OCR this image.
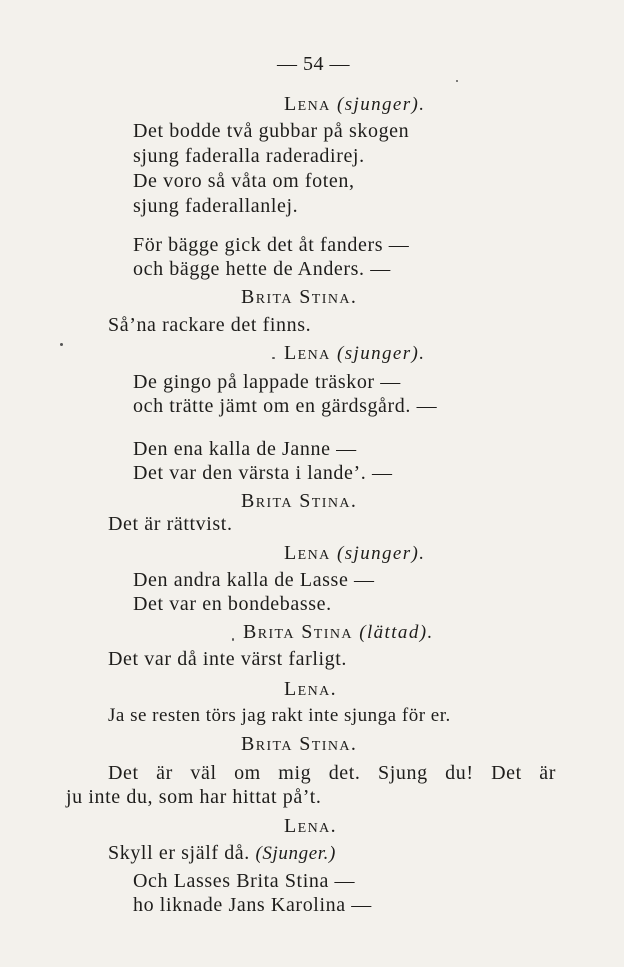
— 54 —
Lena (sjunger).
Det bodde två gubbar på skogen
sjung faderalla raderadirej.
De voro så våta om foten,
sjung faderallanlej.
För bägge gick det åt fanders —
och bägge hette de Anders. —
Brita Stina.
Så’na rackare det finns.
Lena (sjunger).
De gingo på lappade träskor —
och trätte jämt om en gärdsgård. —
Den ena kalla de Janne —
Det var den värsta i lande’. —
Brita Stina.
Det är rättvist.
Lena (sjunger).
Den andra kalla de Lasse —
Det var en bondebasse.
Brita Stina (lättad).
Det var då inte värst farligt.
Lena.
Ja se resten törs jag rakt inte sjunga för er.
Brita Stina.
Det är väl om mig det. Sjung du! Det är
ju inte du, som har hittat på’t.
Lena.
Skyll er själf då. (Sjunger.)
Och Lasses Brita Stina —
ho liknade Jans Karolina —
